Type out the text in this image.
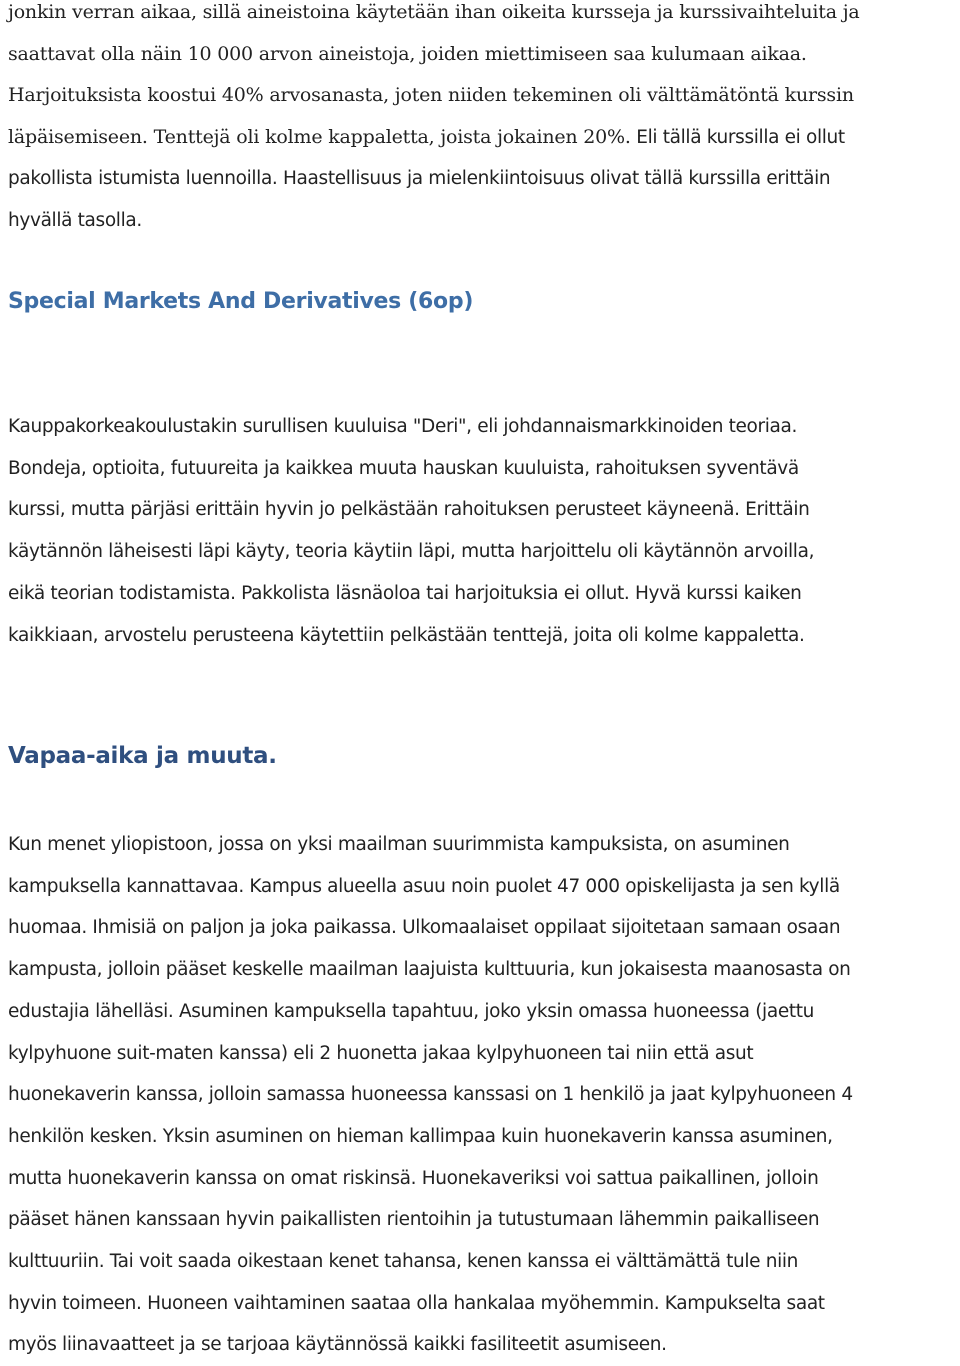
jonkin verran aikaa, sillä aineistoina käytetään ihan oikeita kursseja ja kurssivaihteluita ja
saattavat olla näin 10 000 arvon aineistoja, joiden miettimiseen saa kulumaan aikaa.
Harjoituksista koostui 40% arvosanasta, joten niiden tekeminen oli välttämätöntä kurssin
läpäisemiseen. Tenttejä oli kolme kappaletta, joista jokainen 20%. Eli tällä kurssilla ei ollut
pakollista istumista luennoilla. Haastellisuus ja mielenkiintoisuus olivat tällä kurssilla erittäin
hyvällä tasolla.
Special Markets And Derivatives (6op)
Kauppakorkeakoulustakin surullisen kuuluisa "Deri", eli johdannaismarkkinoiden teoriaa.
Bondeja, optioita, futuureita ja kaikkea muuta hauskan kuuluista, rahoituksen syventävä
kurssi, mutta pärjäsi erittäin hyvin jo pelkästään rahoituksen perusteet käyneenä. Erittäin
käytännön läheisesti läpi käyty, teoria käytiin läpi, mutta harjoittelu oli käytännön arvoilla,
eikä teorian todistamista. Pakkolista läsnäoloa tai harjoituksia ei ollut. Hyvä kurssi kaiken
kaikkiaan, arvostelu perusteena käytettiin pelkästään tenttejä, joita oli kolme kappaletta.
Vapaa-aika ja muuta.
Kun menet yliopistoon, jossa on yksi maailman suurimmista kampuksista, on asuminen
kampuksella kannattavaa. Kampus alueella asuu noin puolet 47 000 opiskelijasta ja sen kyllä
huomaa. Ihmisiä on paljon ja joka paikassa. Ulkomaalaiset oppilaat sijoitetaan samaan osaan
kampusta, jolloin pääset keskelle maailman laajuista kulttuuria, kun jokaisesta maanosasta on
edustajia lähelläsi. Asuminen kampuksella tapahtuu, joko yksin omassa huoneessa (jaettu
kylpyhuone suit-maten kanssa) eli 2 huonetta jakaa kylpyhuoneen tai niin että asut
huonekaverin kanssa, jolloin samassa huoneessa kanssasi on 1 henkilö ja jaat kylpyhuoneen 4
henkilön kesken. Yksin asuminen on hieman kallimpaa kuin huonekaverin kanssa asuminen,
mutta huonekaverin kanssa on omat riskinsä. Huonekaveriksi voi sattua paikallinen, jolloin
pääset hänen kanssaan hyvin paikallisten rientoihin ja tutustumaan lähemmin paikalliseen
kulttuuriin. Tai voit saada oikestaan kenet tahansa, kenen kanssa ei välttämättä tule niin
hyvin toimeen. Huoneen vaihtaminen saataa olla hankalaa myöhemmin. Kampukselta saat
myös liinavaatteet ja se tarjoaa käytännössä kaikki fasiliteetit asumiseen.
